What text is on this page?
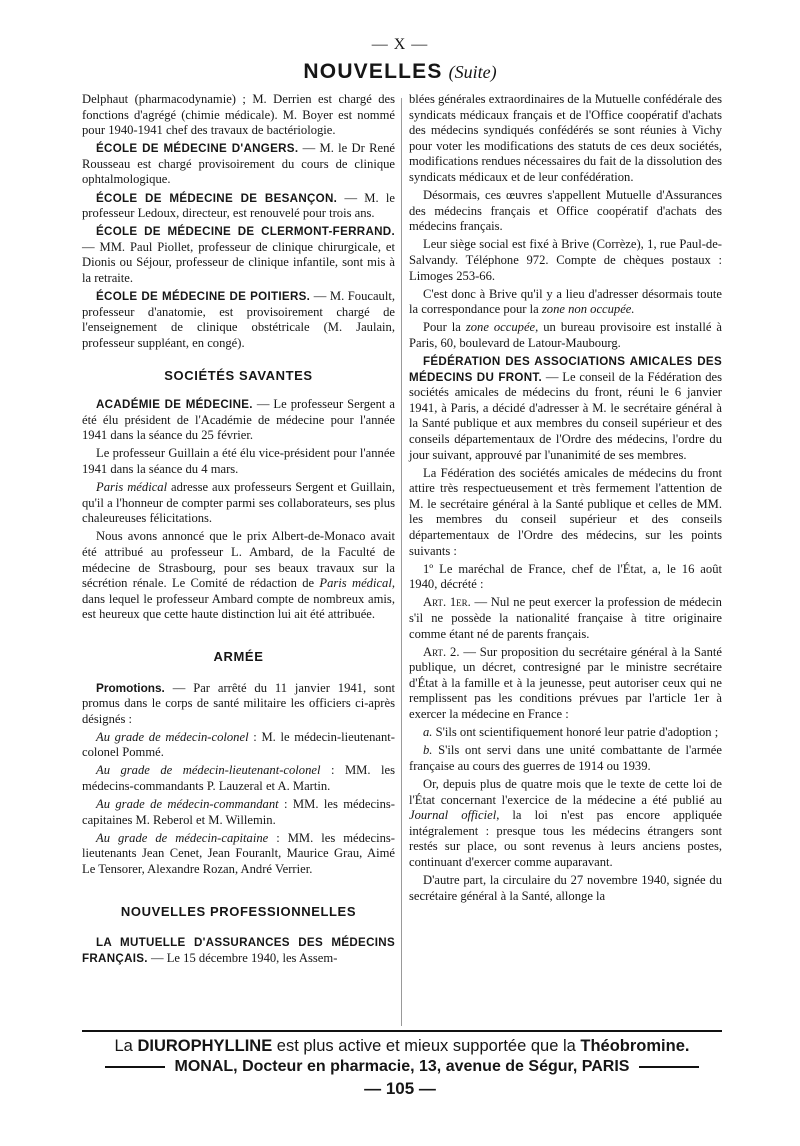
— X —
NOUVELLES (Suite)

Delphaut (pharmacodynamie) ; M. Derrien est chargé des fonctions d'agrégé (chimie médicale). M. Boyer est nommé pour 1940-1941 chef des travaux de bactériologie.

ÉCOLE DE MÉDECINE D'ANGERS. — M. le Dr René Rousseau est chargé provisoirement du cours de clinique ophtalmologique.

ÉCOLE DE MÉDECINE DE BESANÇON. — M. le professeur Ledoux, directeur, est renouvelé pour trois ans.

ÉCOLE DE MÉDECINE DE CLERMONT-FERRAND. — MM. Paul Piollet, professeur de clinique chirurgicale, et Dionis ou Séjour, professeur de clinique infantile, sont mis à la retraite.

ÉCOLE DE MÉDECINE DE POITIERS. — M. Foucault, professeur d'anatomie, est provisoirement chargé de l'enseignement de clinique obstétricale (M. Jaulain, professeur suppléant, en congé).

SOCIÉTÉS SAVANTES

ACADÉMIE DE MÉDECINE. — Le professeur Sergent a été élu président de l'Académie de médecine pour l'année 1941 dans la séance du 25 février.

Le professeur Guillain a été élu vice-président pour l'année 1941 dans la séance du 4 mars.

Paris médical adresse aux professeurs Sergent et Guillain, qu'il a l'honneur de compter parmi ses collaborateurs, ses plus chaleureuses félicitations.

Nous avons annoncé que le prix Albert-de-Monaco avait été attribué au professeur L. Ambard, de la Faculté de médecine de Strasbourg, pour ses beaux travaux sur la sécrétion rénale. Le Comité de rédaction de Paris médical, dans lequel le professeur Ambard compte de nombreux amis, est heureux que cette haute distinction lui ait été attribuée.

ARMÉE

Promotions. — Par arrêté du 11 janvier 1941, sont promus dans le corps de santé militaire les officiers ci-après désignés :

Au grade de médecin-colonel : M. le médecin-lieutenant-colonel Pommé.

Au grade de médecin-lieutenant-colonel : MM. les médecins-commandants P. Lauzeral et A. Martin.

Au grade de médecin-commandant : MM. les médecins-capitaines M. Reberol et M. Willemin.

Au grade de médecin-capitaine : MM. les médecins-lieutenants Jean Cenet, Jean Fouranlt, Maurice Grau, Aimé Le Tensorer, Alexandre Rozan, André Verrier.

NOUVELLES PROFESSIONNELLES

LA MUTUELLE D'ASSURANCES DES MÉDECINS FRANÇAIS. — Le 15 décembre 1940, les Assem-

blées générales extraordinaires de la Mutuelle confédérale des syndicats médicaux français et de l'Office coopératif d'achats des médecins syndiqués confédérés se sont réunies à Vichy pour voter les modifications des statuts de ces deux sociétés, modifications rendues nécessaires du fait de la dissolution des syndicats médicaux et de leur confédération.

Désormais, ces œuvres s'appellent Mutuelle d'Assurances des médecins français et Office coopératif d'achats des médecins français.

Leur siège social est fixé à Brive (Corrèze), 1, rue Paul-de-Salvandy. Téléphone 972. Compte de chèques postaux : Limoges 253-66.

C'est donc à Brive qu'il y a lieu d'adresser désormais toute la correspondance pour la zone non occupée.

Pour la zone occupée, un bureau provisoire est installé à Paris, 60, boulevard de Latour-Maubourg.

FÉDÉRATION DES ASSOCIATIONS AMICALES DES MÉDECINS DU FRONT. — Le conseil de la Fédération des sociétés amicales de médecins du front, réuni le 6 janvier 1941, à Paris, a décidé d'adresser à M. le secrétaire général à la Santé publique et aux membres du conseil supérieur et des conseils départementaux de l'Ordre des médecins, l'ordre du jour suivant, approuvé par l'unanimité de ses membres.

La Fédération des sociétés amicales de médecins du front attire très respectueusement et très fermement l'attention de M. le secrétaire général à la Santé publique et celles de MM. les membres du conseil supérieur et des conseils départementaux de l'Ordre des médecins, sur les points suivants :

1º Le maréchal de France, chef de l'État, a, le 16 août 1940, décrété :

Art. 1er. — Nul ne peut exercer la profession de médecin s'il ne possède la nationalité française à titre originaire comme étant né de parents français.

Art. 2. — Sur proposition du secrétaire général à la Santé publique, un décret, contresigné par le ministre secrétaire d'État à la famille et à la jeunesse, peut autoriser ceux qui ne remplissent pas les conditions prévues par l'article 1er à exercer la médecine en France :

a. S'ils ont scientifiquement honoré leur patrie d'adoption ;

b. S'ils ont servi dans une unité combattante de l'armée française au cours des guerres de 1914 ou 1939.

Or, depuis plus de quatre mois que le texte de cette loi de l'État concernant l'exercice de la médecine a été publié au Journal officiel, la loi n'est pas encore appliquée intégralement : presque tous les médecins étrangers sont restés sur place, ou sont revenus à leurs anciens postes, continuant d'exercer comme auparavant.

D'autre part, la circulaire du 27 novembre 1940, signée du secrétaire général à la Santé, allonge la

La DIUROPHYLLINE est plus active et mieux supportée que la Théobromine.
MONAL, Docteur en pharmacie, 13, avenue de Ségur, PARIS
— 105 —
